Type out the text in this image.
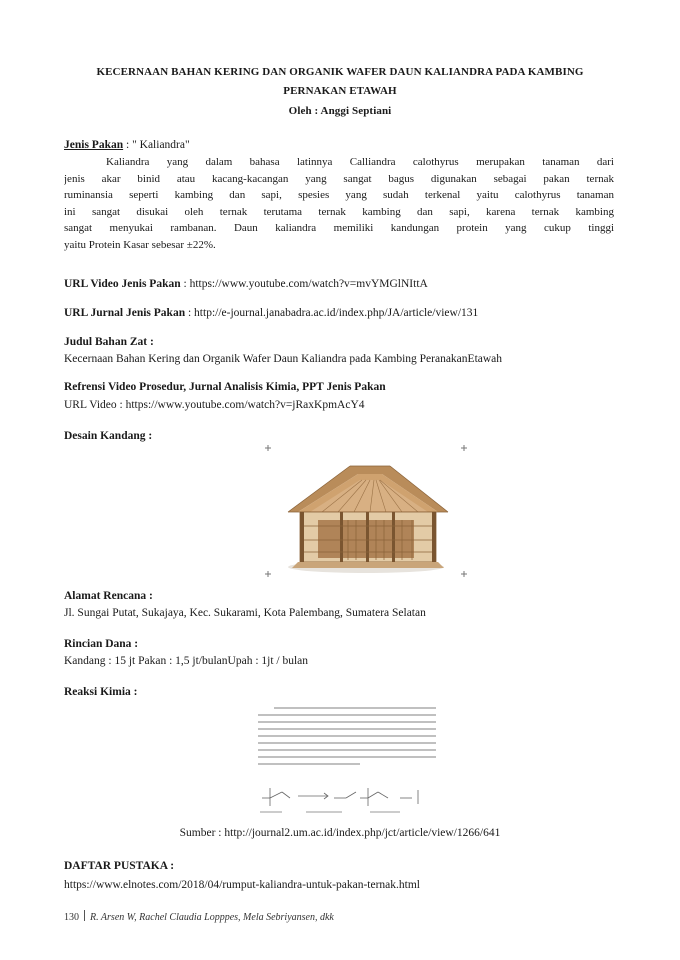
KECERNAAN BAHAN KERING DAN ORGANIK WAFER DAUN KALIANDRA PADA KAMBING
PERNAKAN ETAWAH
Oleh : Anggi Septiani
Jenis Pakan : " Kaliandra"
Kaliandra yang dalam bahasa latinnya Calliandra calothyrus merupakan tanaman dari
jenis akar binid atau kacang-kacangan yang sangat bagus digunakan sebagai pakan ternak
ruminansia seperti kambing dan sapi, spesies yang sudah terkenal yaitu calothyrus tanaman
ini sangat disukai oleh ternak terutama ternak kambing dan sapi, karena ternak kambing
sangat menyukai rambanan. Daun kaliandra memiliki kandungan protein yang cukup tinggi
yaitu Protein Kasar sebesar ±22%.
URL Video Jenis Pakan : https://www.youtube.com/watch?v=mvYMGlNIttA
URL Jurnal Jenis Pakan : http://e-journal.janabadra.ac.id/index.php/JA/article/view/131
Judul Bahan Zat :
Kecernaan Bahan Kering dan Organik Wafer Daun Kaliandra pada Kambing PeranakanEtawah
Refrensi Video Prosedur, Jurnal Analisis Kimia, PPT Jenis Pakan
URL Video : https://www.youtube.com/watch?v=jRaxKpmAcY4
Desain Kandang :
Alamat Rencana :
Jl. Sungai Putat, Sukajaya, Kec. Sukarami, Kota Palembang, Sumatera Selatan
Rincian Dana :
Kandang : 15 jt Pakan : 1,5 jt/bulanUpah : 1jt / bulan
Reaksi Kimia :
Sumber : http://journal2.um.ac.id/index.php/jct/article/view/1266/641
DAFTAR PUSTAKA :
https://www.elnotes.com/2018/04/rumput-kaliandra-untuk-pakan-ternak.html
130 R. Arsen W, Rachel Claudia Lopppes, Mela Sebriyansen, dkk
